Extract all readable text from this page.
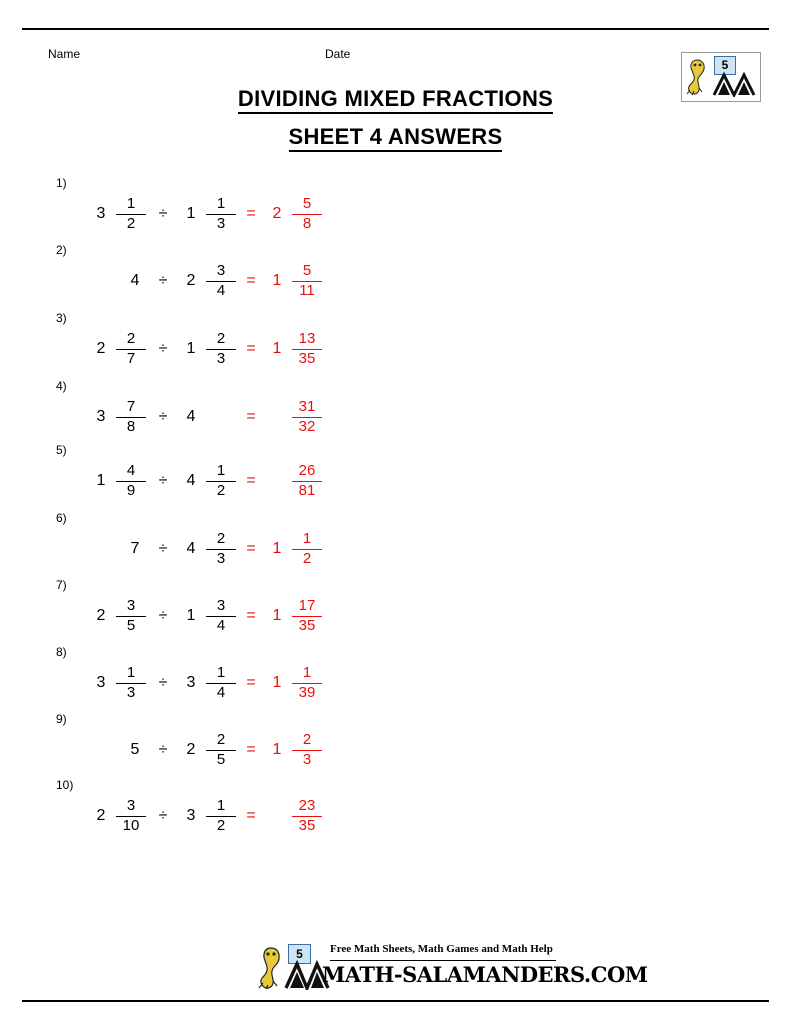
Name	Date
DIVIDING MIXED FRACTIONS
SHEET 4 ANSWERS
5
1)
$3 \frac{1}{2}$ ÷	$1 \frac{1}{3}$ =	$2 \frac{5}{8}$
2)
4	÷	$2 \frac{3}{4}$ =	$1 \frac{5}{11}$
3)
$2 \frac{2}{7}$ ÷	$1 \frac{2}{3}$ =	$1 \frac{13}{35}$
4)
$3 \frac{7}{8}$ ÷	4	=	$\frac{31}{32}$
5)
$1 \frac{4}{9}$ ÷	$4 \frac{1}{2}$ =	$\frac{26}{81}$
6)
7	÷	$4 \frac{2}{3}$ =	$1 \frac{1}{2}$
7)
$2 \frac{3}{5}$ ÷	$1 \frac{3}{4}$ =	$1 \frac{17}{35}$
8)
$3 \frac{1}{3}$ ÷	$3 \frac{1}{4}$ =	$1 \frac{1}{39}$
9)
5	÷	$2 \frac{2}{5}$ =	$1 \frac{2}{3}$
10)
$2 \frac{3}{10}$ ÷	$3 \frac{1}{2}$ =	$\frac{23}{35}$
5	Free Math Sheets, Math Games and Math Help
MATH-SALAMANDERS.COM
